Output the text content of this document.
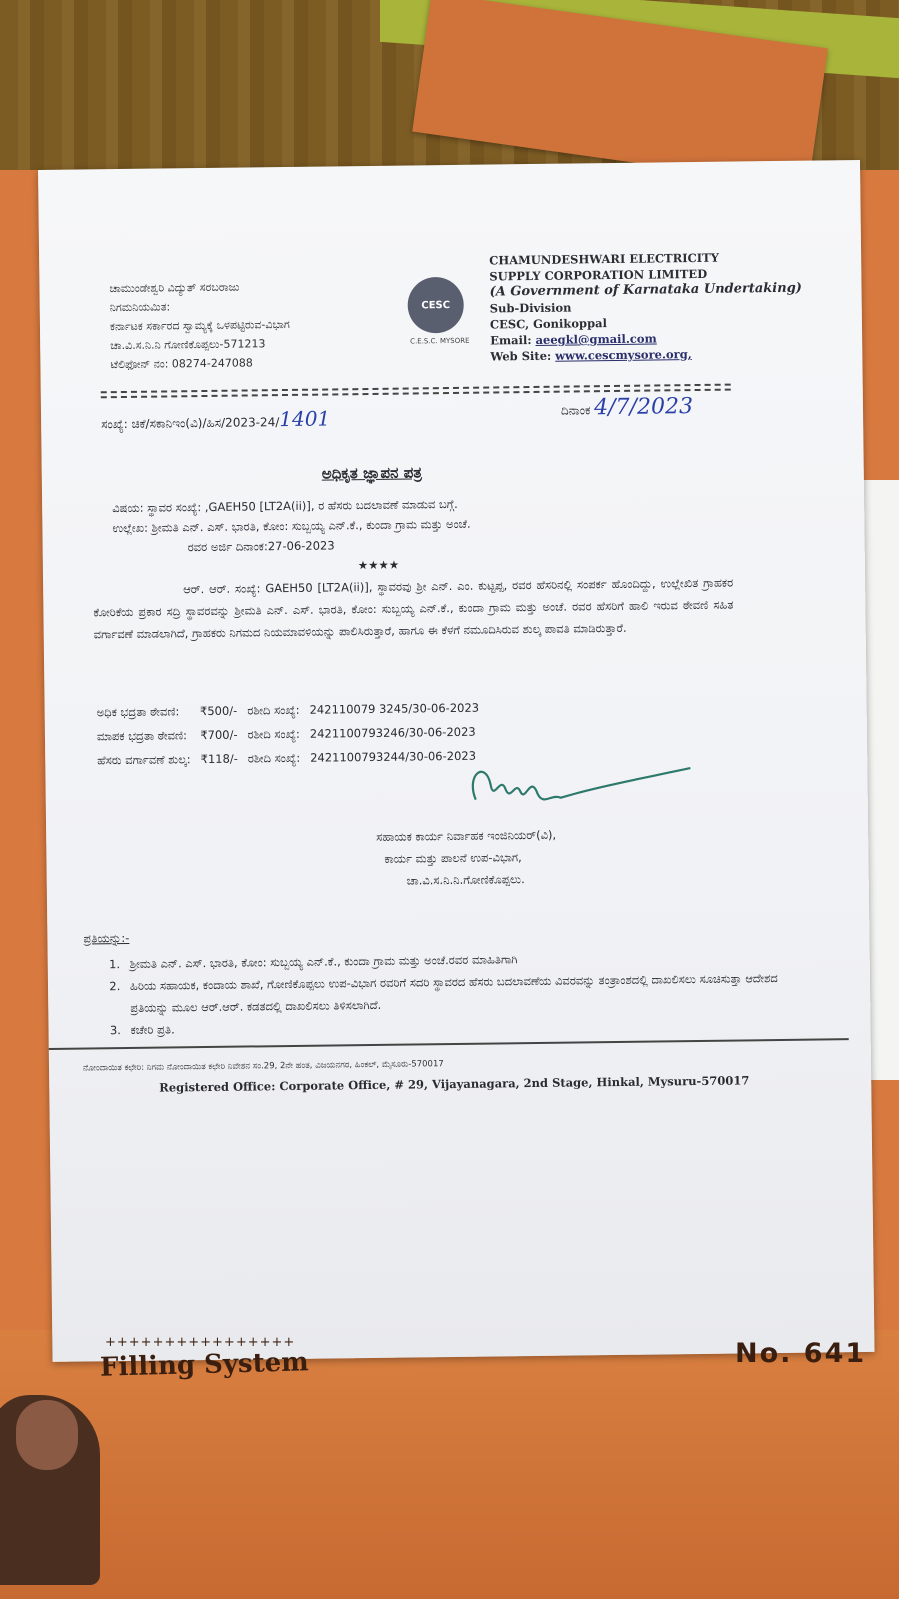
ಚಾಮುಂಡೇಶ್ವರಿ ವಿದ್ಯುತ್ ಸರಬರಾಜು
ನಿಗಮನಿಯಮಿತ:
ಕರ್ನಾಟಕ ಸರ್ಕಾರದ ಸ್ವಾಮ್ಯಕ್ಕೆ ಒಳಪಟ್ಟಿರುವ-ವಿಭಾಗ
ಚಾ.ವಿ.ಸ.ನಿ.ನಿ ಗೋಣಿಕೊಪ್ಪಲು-571213
ಟೆಲಿಫೋನ್ ನಂ: 08274-247088
CESC
C.E.S.C. MYSORE
CHAMUNDESHWARI ELECTRICITY
SUPPLY CORPORATION LIMITED
(A Government of Karnataka Undertaking)
Sub-Division
CESC, Gonikoppal
Email: aeegkl@gmail.com
Web Site: www.cescmysore.org,
ಸಂಖ್ಯೆ: ಚಿಕೆ/ಸಕಾನಿಇಂ(ವಿ)/ಹಿಸ/2023-24/1401	ದಿನಾಂಕ 4/7/2023
ಅಧಿಕೃತ ಜ್ಞಾಪನ ಪತ್ರ
ವಿಷಯ: ಸ್ಥಾವರ ಸಂಖ್ಯೆ: ,GAEH50 [LT2A(ii)], ರ ಹೆಸರು ಬದಲಾವಣೆ ಮಾಡುವ ಬಗ್ಗೆ.
ಉಲ್ಲೇಖ: ಶ್ರೀಮತಿ ಎನ್. ಎಸ್. ಭಾರತಿ, ಕೋಂ: ಸುಬ್ಬಯ್ಯ ಎನ್.ಕೆ., ಕುಂದಾ ಗ್ರಾಮ ಮತ್ತು ಅಂಚೆ.
ರವರ ಅರ್ಜಿ ದಿನಾಂಕ:27-06-2023
★★★★
ಆರ್. ಆರ್. ಸಂಖ್ಯೆ: GAEH50 [LT2A(ii)], ಸ್ಥಾವರವು ಶ್ರೀ ಎನ್. ಎಂ. ಕುಟ್ಟಪ್ಪ, ರವರ ಹೆಸರಿನಲ್ಲಿ ಸಂಪರ್ಕ ಹೊಂದಿದ್ದು, ಉಲ್ಲೇಖಿತ ಗ್ರಾಹಕರ ಕೋರಿಕೆಯ ಪ್ರಕಾರ ಸದ್ರಿ ಸ್ಥಾವರವನ್ನು ಶ್ರೀಮತಿ ಎನ್. ಎಸ್. ಭಾರತಿ, ಕೋಂ: ಸುಬ್ಬಯ್ಯ ಎನ್.ಕೆ., ಕುಂದಾ ಗ್ರಾಮ ಮತ್ತು ಅಂಚೆ. ರವರ ಹೆಸರಿಗೆ ಹಾಲಿ ಇರುವ ಠೇವಣಿ ಸಹಿತ ವರ್ಗಾವಣೆ ಮಾಡಲಾಗಿದೆ, ಗ್ರಾಹಕರು ನಿಗಮದ ನಿಯಮಾವಳಿಯನ್ನು ಪಾಲಿಸಿರುತ್ತಾರೆ, ಹಾಗೂ ಈ ಕೆಳಗೆ ನಮೂದಿಸಿರುವ ಶುಲ್ಕ ಪಾವತಿ ಮಾಡಿರುತ್ತಾರೆ.
ಅಧಿಕ ಭದ್ರತಾ ಠೇವಣಿ:	₹500/-	ರಶೀದಿ ಸಂಖ್ಯೆ:	242110079 3245/30-06-2023
ಮಾಪಕ ಭದ್ರತಾ ಠೇವಣಿ:	₹700/-	ರಶೀದಿ ಸಂಖ್ಯೆ:	2421100793246/30-06-2023
ಹೆಸರು ವರ್ಗಾವಣೆ ಶುಲ್ಕ:	₹118/-	ರಶೀದಿ ಸಂಖ್ಯೆ:	2421100793244/30-06-2023
ಸಹಾಯಕ ಕಾರ್ಯ ನಿರ್ವಾಹಕ ಇಂಜಿನಿಯರ್(ವಿ),
ಕಾರ್ಯ ಮತ್ತು ಪಾಲನೆ ಉಪ-ವಿಭಾಗ,
ಚಾ.ವಿ.ಸ.ನಿ.ನಿ.ಗೋಣಿಕೊಪ್ಪಲು.
ಪ್ರತಿಯನ್ನು:-
1. ಶ್ರೀಮತಿ ಎನ್. ಎಸ್. ಭಾರತಿ, ಕೋಂ: ಸುಬ್ಬಯ್ಯ ಎನ್.ಕೆ., ಕುಂದಾ ಗ್ರಾಮ ಮತ್ತು ಅಂಚೆ.ರವರ ಮಾಹಿತಿಗಾಗಿ
2. ಹಿರಿಯ ಸಹಾಯಕ, ಕಂದಾಯ ಶಾಖೆ, ಗೋಣಿಕೊಪ್ಪಲು ಉಪ-ವಿಭಾಗ ರವರಿಗೆ ಸದರಿ ಸ್ಥಾವರದ ಹೆಸರು ಬದಲಾವಣೆಯ ವಿವರವನ್ನು ತಂತ್ರಾಂಶದಲ್ಲಿ ದಾಖಲಿಸಲು ಸೂಚಿಸುತ್ತಾ ಆದೇಶದ ಪ್ರತಿಯನ್ನು ಮೂಲ ಆರ್.ಆರ್. ಕಡತದಲ್ಲಿ ದಾಖಲಿಸಲು ತಿಳಿಸಲಾಗಿದೆ.
3. ಕಚೇರಿ ಪ್ರತಿ.
ನೋಂದಾಯಿತ ಕಛೇರಿ: ನಿಗಮ ನೋಂದಾಯಿತ ಕಛೇರಿ ನಿವೇಶನ ಸಂ.29, 2ನೇ ಹಂತ, ವಿಜಯನಗರ, ಹಿಂಕಲ್, ಮೈಸೂರು-570017
Registered Office: Corporate Office, # 29, Vijayanagara, 2nd Stage, Hinkal, Mysuru-570017
++++++++++++++++
Filling System	No. 641
